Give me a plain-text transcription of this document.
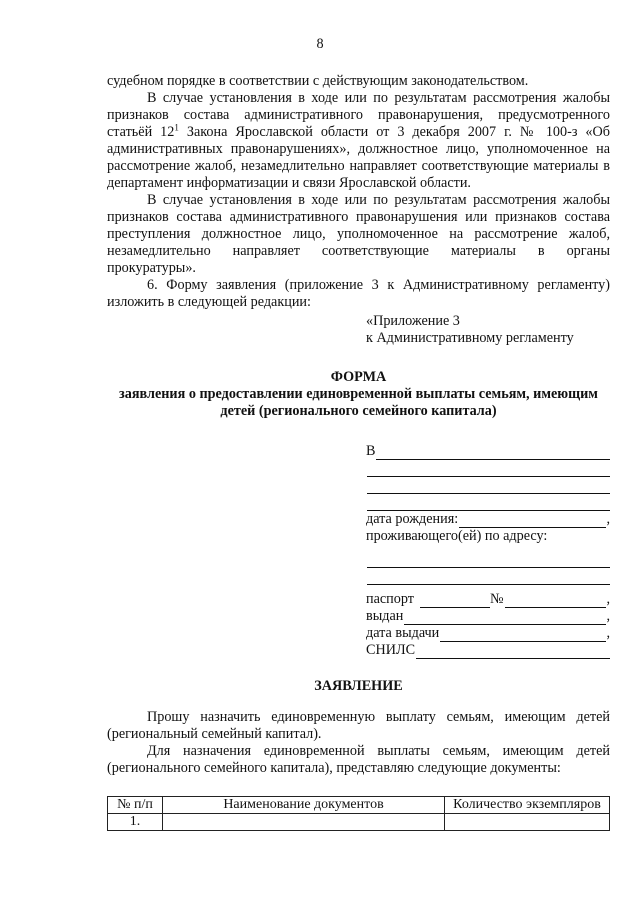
8

судебном порядке в соответствии с действующим законодательством.

В случае установления в ходе или по результатам рассмотрения жалобы признаков состава административного правонарушения, предусмотренного статьёй $12^1$ Закона Ярославской области от 3 декабря 2007 г. № 100-з «Об административных правонарушениях», должностное лицо, уполномоченное на рассмотрение жалоб, незамедлительно направляет соответствующие материалы в департамент информатизации и связи Ярославской области.

В случае установления в ходе или по результатам рассмотрения жалобы признаков состава административного правонарушения или признаков состава преступления должностное лицо, уполномоченное на рассмотрение жалоб, незамедлительно направляет соответствующие материалы в органы прокуратуры».

6. Форму заявления (приложение 3 к Административному регламенту) изложить в следующей редакции:

«Приложение 3
к Административному регламенту
ФОРМА
заявления о предоставлении единовременной выплаты семьям, имеющим детей (регионального семейного капитала)
В
дата рождения:	,
проживающего(ей) по адресу:
паспорт	№	,
выдан	,
дата выдачи	,
СНИЛС
ЗАЯВЛЕНИЕ

Прошу назначить единовременную выплату семьям, имеющим детей (региональный семейный капитал).

Для назначения единовременной выплаты семьям, имеющим детей (регионального семейного капитала), представляю следующие документы:

№ п/п	Наименование документов	Количество экземпляров
1.		
